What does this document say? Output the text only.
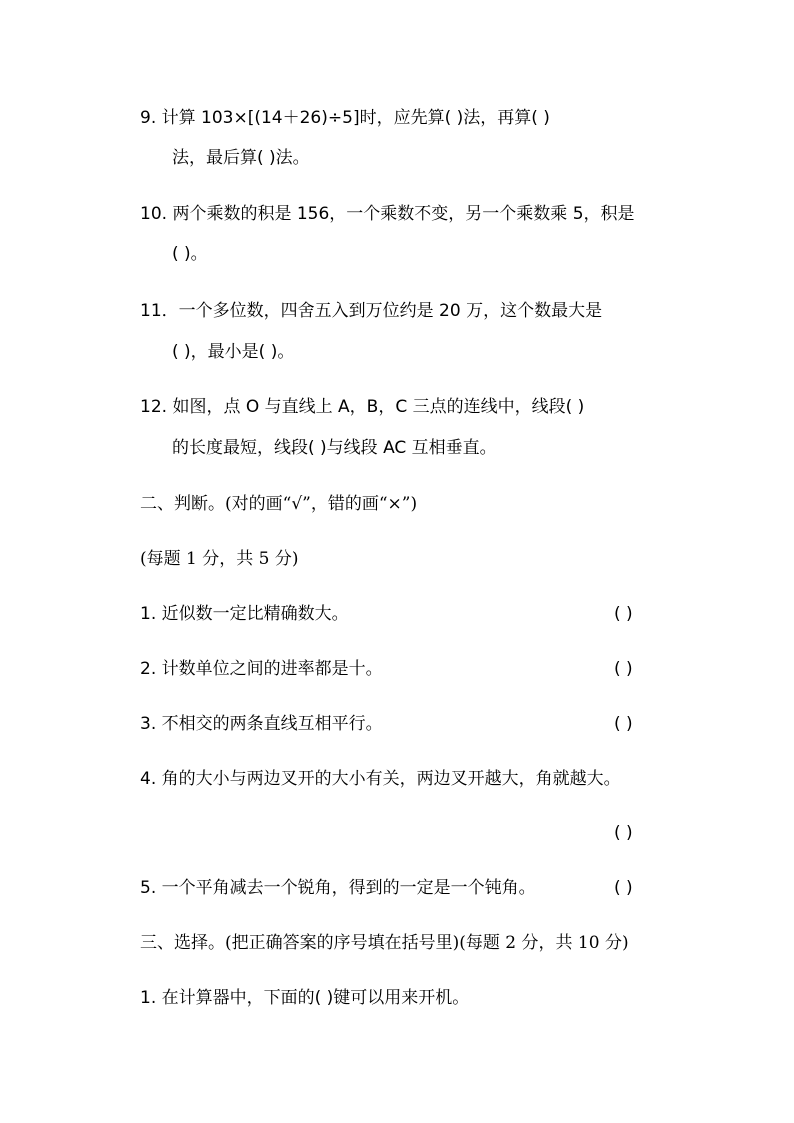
9. 计算 103×[(14＋26)÷5]时，应先算( )法，再算( )
法，最后算( )法。
10. 两个乘数的积是 156，一个乘数不变，另一个乘数乘 5，积是
( )。
11．一个多位数，四舍五入到万位约是 20 万，这个数最大是
( )，最小是( )。
12. 如图，点 O 与直线上 A，B，C 三点的连线中，线段( )
的长度最短，线段( )与线段 AC 互相垂直。
二、判断。(对的画“√”，错的画“×”)
(每题 1 分，共 5 分)
1. 近似数一定比精确数大。	( )
2. 计数单位之间的进率都是十。	( )
3. 不相交的两条直线互相平行。	( )
4. 角的大小与两边叉开的大小有关，两边叉开越大，角就越大。
( )
5. 一个平角减去一个锐角，得到的一定是一个钝角。	( )
三、选择。(把正确答案的序号填在括号里)(每题 2 分，共 10 分)
1. 在计算器中，下面的( )键可以用来开机。
